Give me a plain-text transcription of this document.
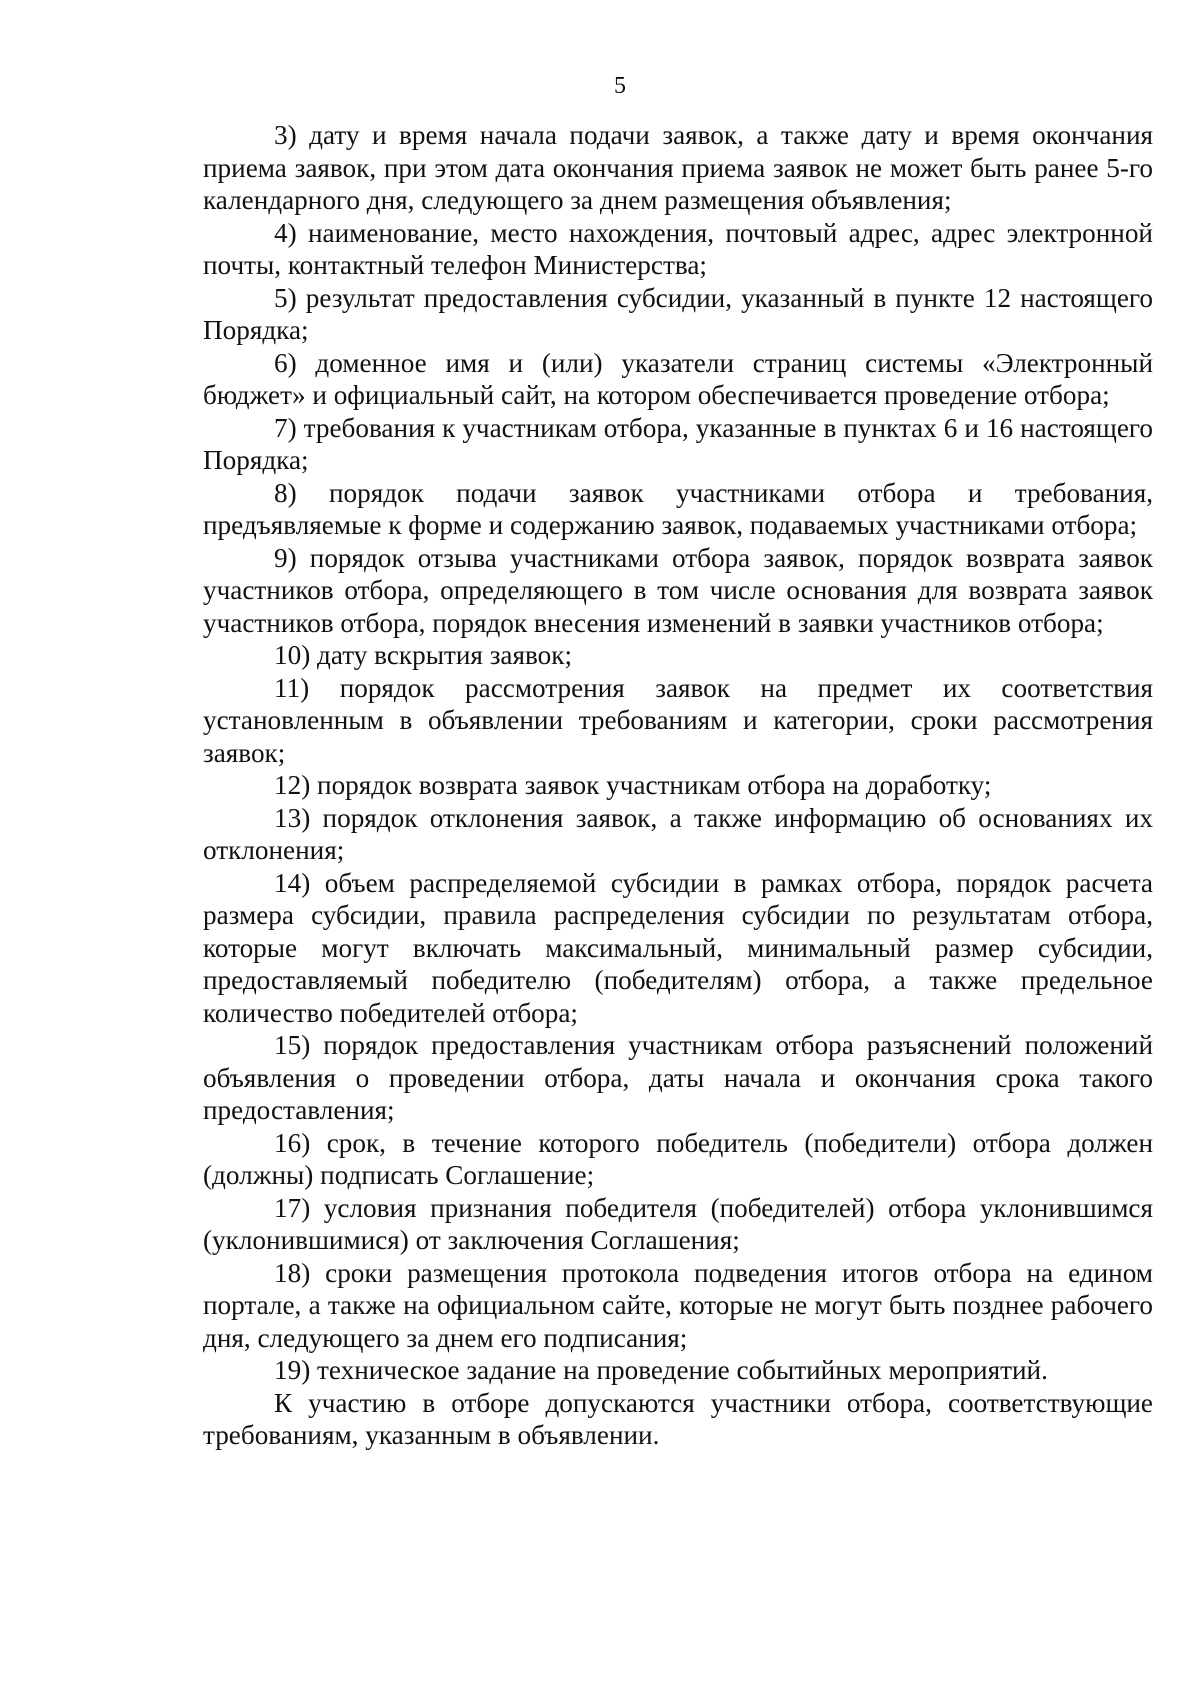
5

3) дату и время начала подачи заявок, а также дату и время окончания приема заявок, при этом дата окончания приема заявок не может быть ранее 5-го календарного дня, следующего за днем размещения объявления;

4) наименование, место нахождения, почтовый адрес, адрес электронной почты, контактный телефон Министерства;

5) результат предоставления субсидии, указанный в пункте 12 настоящего Порядка;

6) доменное имя и (или) указатели страниц системы «Электронный бюджет» и официальный сайт, на котором обеспечивается проведение отбора;

7) требования к участникам отбора, указанные в пунктах 6 и 16 настоящего Порядка;

8) порядок подачи заявок участниками отбора и требования, предъявляемые к форме и содержанию заявок, подаваемых участниками отбора;

9) порядок отзыва участниками отбора заявок, порядок возврата заявок участников отбора, определяющего в том числе основания для возврата заявок участников отбора, порядок внесения изменений в заявки участников отбора;

10) дату вскрытия заявок;

11) порядок рассмотрения заявок на предмет их соответствия установленным в объявлении требованиям и категории, сроки рассмотрения заявок;

12) порядок возврата заявок участникам отбора на доработку;

13) порядок отклонения заявок, а также информацию об основаниях их отклонения;

14) объем распределяемой субсидии в рамках отбора, порядок расчета размера субсидии, правила распределения субсидии по результатам отбора, которые могут включать максимальный, минимальный размер субсидии, предоставляемый победителю (победителям) отбора, а также предельное количество победителей отбора;

15) порядок предоставления участникам отбора разъяснений положений объявления о проведении отбора, даты начала и окончания срока такого предоставления;

16) срок, в течение которого победитель (победители) отбора должен (должны) подписать Соглашение;

17) условия признания победителя (победителей) отбора уклонившимся (уклонившимися) от заключения Соглашения;

18) сроки размещения протокола подведения итогов отбора на едином портале, а также на официальном сайте, которые не могут быть позднее рабочего дня, следующего за днем его подписания;

19) техническое задание на проведение событийных мероприятий.

К участию в отборе допускаются участники отбора, соответствующие требованиям, указанным в объявлении.
